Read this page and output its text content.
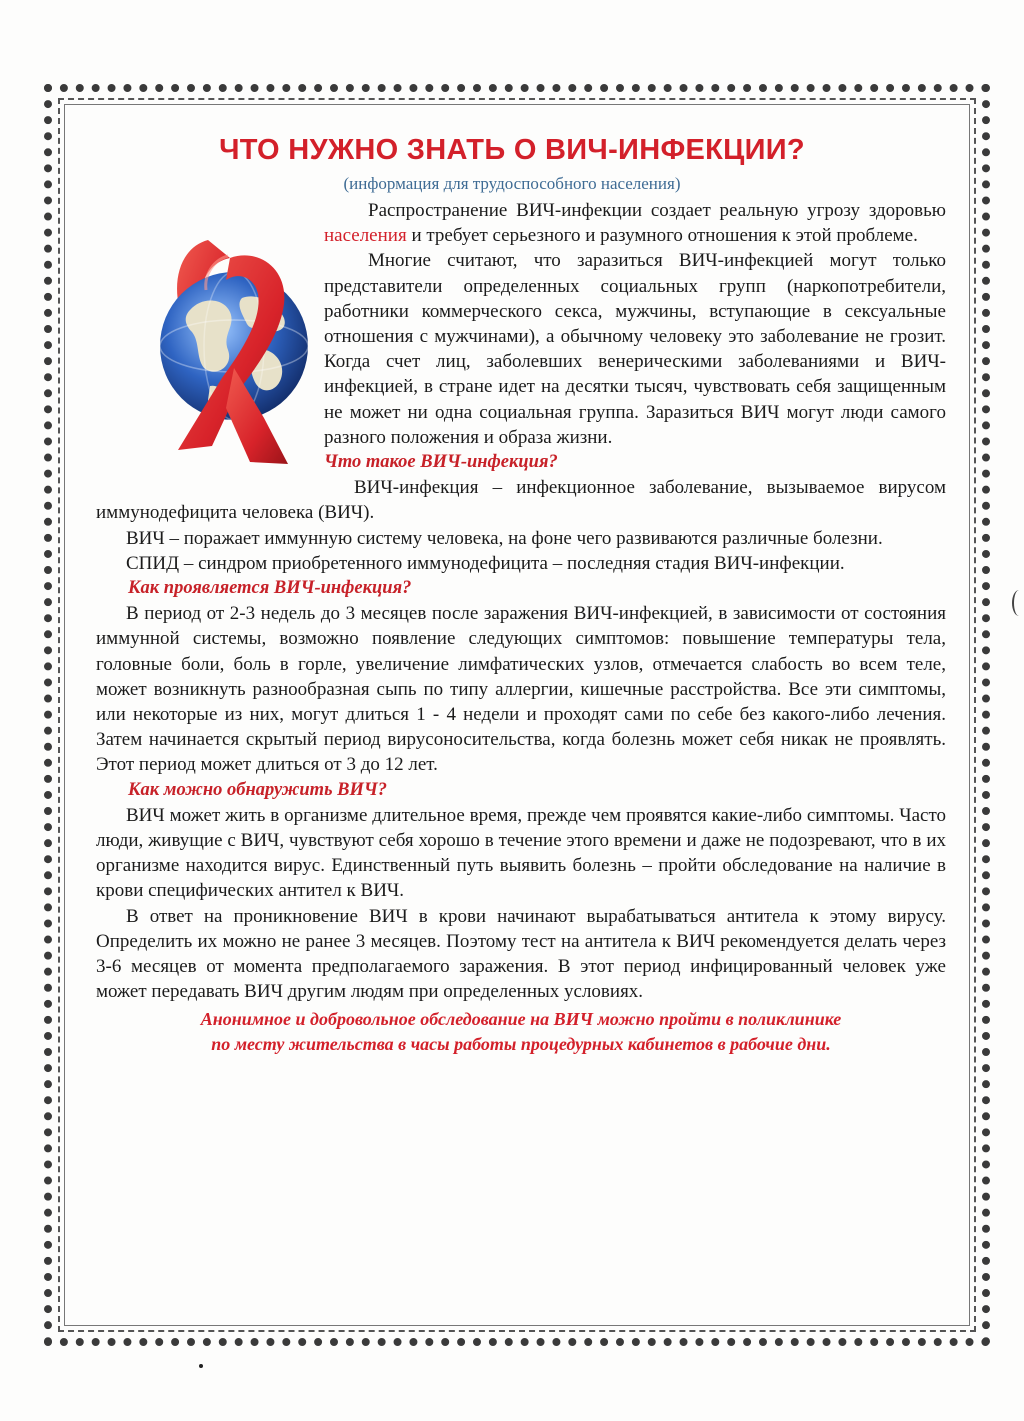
ЧТО НУЖНО ЗНАТЬ О ВИЧ-ИНФЕКЦИИ?
(информация для трудоспособного населения)

Распространение ВИЧ-инфекции создает реальную угрозу здоровью населения и требует серьезного и разумного отношения к этой проблеме.

Многие считают, что заразиться ВИЧ-инфекцией могут только представители определенных социальных групп (наркопотребители, работники коммерческого секса, мужчины, вступающие в сексуальные отношения с мужчинами), а обычному человеку это заболевание не грозит. Когда счет лиц, заболевших венерическими заболеваниями и ВИЧ-инфекцией, в стране идет на десятки тысяч, чувствовать себя защищенным не может ни одна социальная группа. Заразиться ВИЧ могут люди самого разного положения и образа жизни.

Что такое ВИЧ-инфекция?

ВИЧ-инфекция – инфекционное заболевание, вызываемое вирусом иммунодефицита человека (ВИЧ).

ВИЧ – поражает иммунную систему человека, на фоне чего развиваются различные болезни.

СПИД – синдром приобретенного иммунодефицита – последняя стадия ВИЧ-инфекции.

Как проявляется ВИЧ-инфекция?

В период от 2-3 недель до 3 месяцев после заражения ВИЧ-инфекцией, в зависимости от состояния иммунной системы, возможно появление следующих симптомов: повышение температуры тела, головные боли, боль в горле, увеличение лимфатических узлов, отмечается слабость во всем теле, может возникнуть разнообразная сыпь по типу аллергии, кишечные расстройства. Все эти симптомы, или некоторые из них, могут длиться 1 - 4 недели и проходят сами по себе без какого-либо лечения. Затем начинается скрытый период вирусоносительства, когда болезнь может себя никак не проявлять. Этот период может длиться от 3 до 12 лет.

Как можно обнаружить ВИЧ?

ВИЧ может жить в организме длительное время, прежде чем проявятся какие-либо симптомы. Часто люди, живущие с ВИЧ, чувствуют себя хорошо в течение этого времени и даже не подозревают, что в их организме находится вирус. Единственный путь выявить болезнь – пройти обследование на наличие в крови специфических антител к ВИЧ.

В ответ на проникновение ВИЧ в крови начинают вырабатываться антитела к этому вирусу. Определить их можно не ранее 3 месяцев. Поэтому тест на антитела к ВИЧ рекомендуется делать через 3-6 месяцев от момента предполагаемого заражения. В этот период инфицированный человек уже может передавать ВИЧ другим людям при определенных условиях.

Анонимное и добровольное обследование на ВИЧ можно пройти в поликлинике
по месту жительства в часы работы процедурных кабинетов в рабочие дни.
